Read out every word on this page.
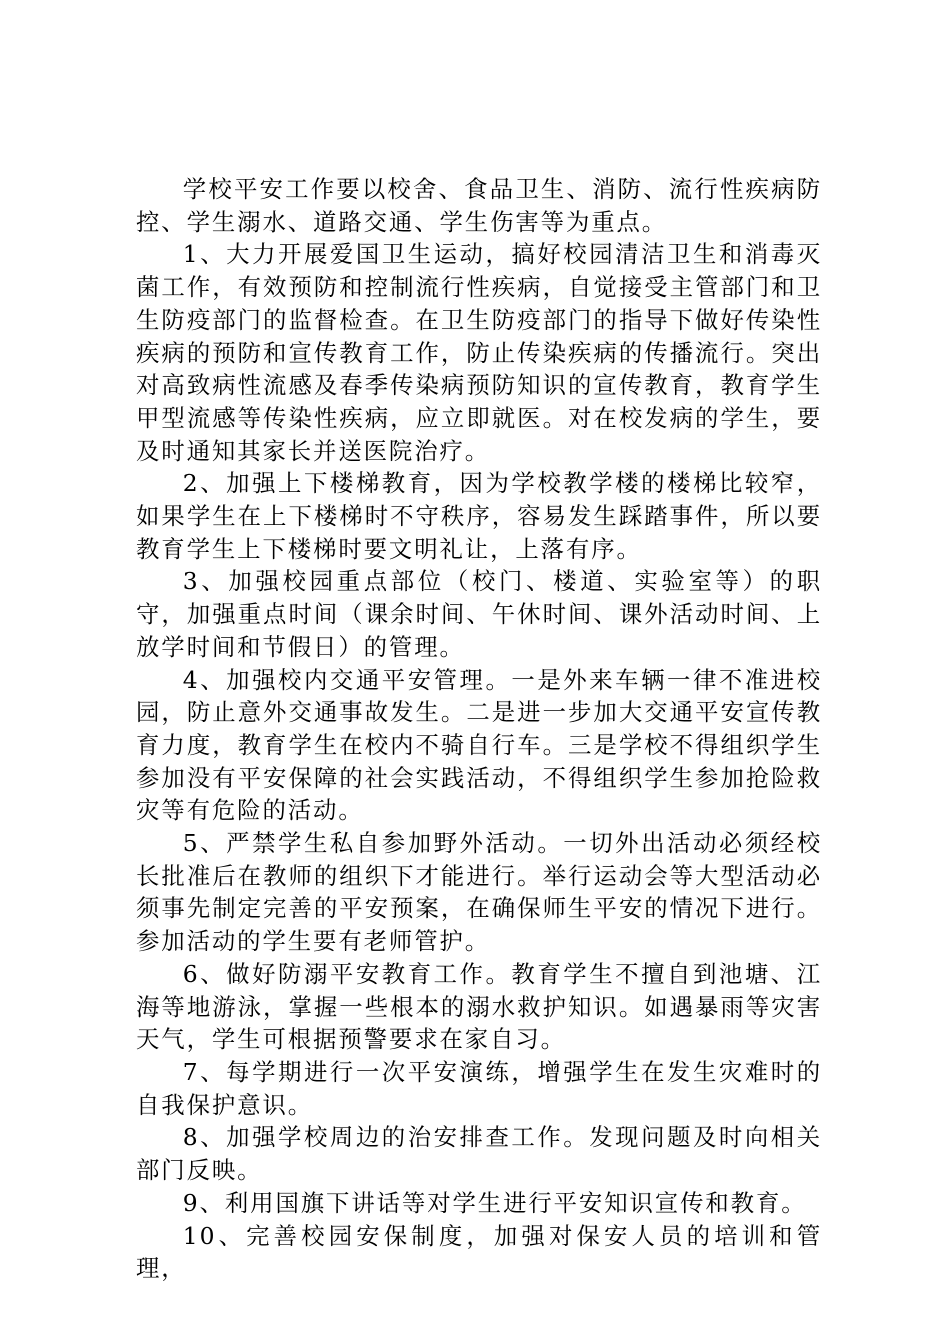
学校平安工作要以校舍、食品卫生、消防、流行性疾病防控、学生溺水、道路交通、学生伤害等为重点。

1、大力开展爱国卫生运动，搞好校园清洁卫生和消毒灭菌工作，有效预防和控制流行性疾病，自觉接受主管部门和卫生防疫部门的监督检查。在卫生防疫部门的指导下做好传染性疾病的预防和宣传教育工作，防止传染疾病的传播流行。突出对高致病性流感及春季传染病预防知识的宣传教育，教育学生甲型流感等传染性疾病，应立即就医。对在校发病的学生，要及时通知其家长并送医院治疗。

2、加强上下楼梯教育，因为学校教学楼的楼梯比较窄，如果学生在上下楼梯时不守秩序，容易发生踩踏事件，所以要教育学生上下楼梯时要文明礼让，上落有序。

3、加强校园重点部位（校门、楼道、实验室等）的职守，加强重点时间（课余时间、午休时间、课外活动时间、上放学时间和节假日）的管理。

4、加强校内交通平安管理。一是外来车辆一律不准进校园，防止意外交通事故发生。二是进一步加大交通平安宣传教育力度，教育学生在校内不骑自行车。三是学校不得组织学生参加没有平安保障的社会实践活动，不得组织学生参加抢险救灾等有危险的活动。

5、严禁学生私自参加野外活动。一切外出活动必须经校长批准后在教师的组织下才能进行。举行运动会等大型活动必须事先制定完善的平安预案，在确保师生平安的情况下进行。参加活动的学生要有老师管护。

6、做好防溺平安教育工作。教育学生不擅自到池塘、江海等地游泳，掌握一些根本的溺水救护知识。如遇暴雨等灾害天气，学生可根据预警要求在家自习。

7、每学期进行一次平安演练，增强学生在发生灾难时的自我保护意识。

8、加强学校周边的治安排查工作。发现问题及时向相关部门反映。

9、利用国旗下讲话等对学生进行平安知识宣传和教育。

10、完善校园安保制度，加强对保安人员的培训和管理，
